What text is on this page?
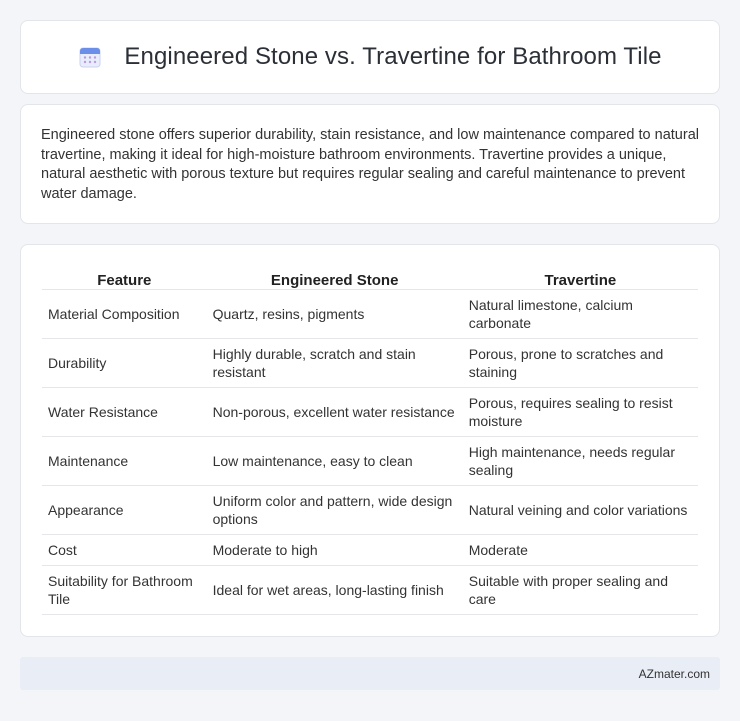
Engineered Stone vs. Travertine for Bathroom Tile

Engineered stone offers superior durability, stain resistance, and low maintenance compared to natural travertine, making it ideal for high-moisture bathroom environments. Travertine provides a unique, natural aesthetic with porous texture but requires regular sealing and careful maintenance to prevent water damage.

Feature	Engineered Stone	Travertine
Material Composition	Quartz, resins, pigments	Natural limestone, calcium carbonate
Durability	Highly durable, scratch and stain resistant	Porous, prone to scratches and staining
Water Resistance	Non-porous, excellent water resistance	Porous, requires sealing to resist moisture
Maintenance	Low maintenance, easy to clean	High maintenance, needs regular sealing
Appearance	Uniform color and pattern, wide design options	Natural veining and color variations
Cost	Moderate to high	Moderate
Suitability for Bathroom Tile	Ideal for wet areas, long-lasting finish	Suitable with proper sealing and care
AZmater.com
